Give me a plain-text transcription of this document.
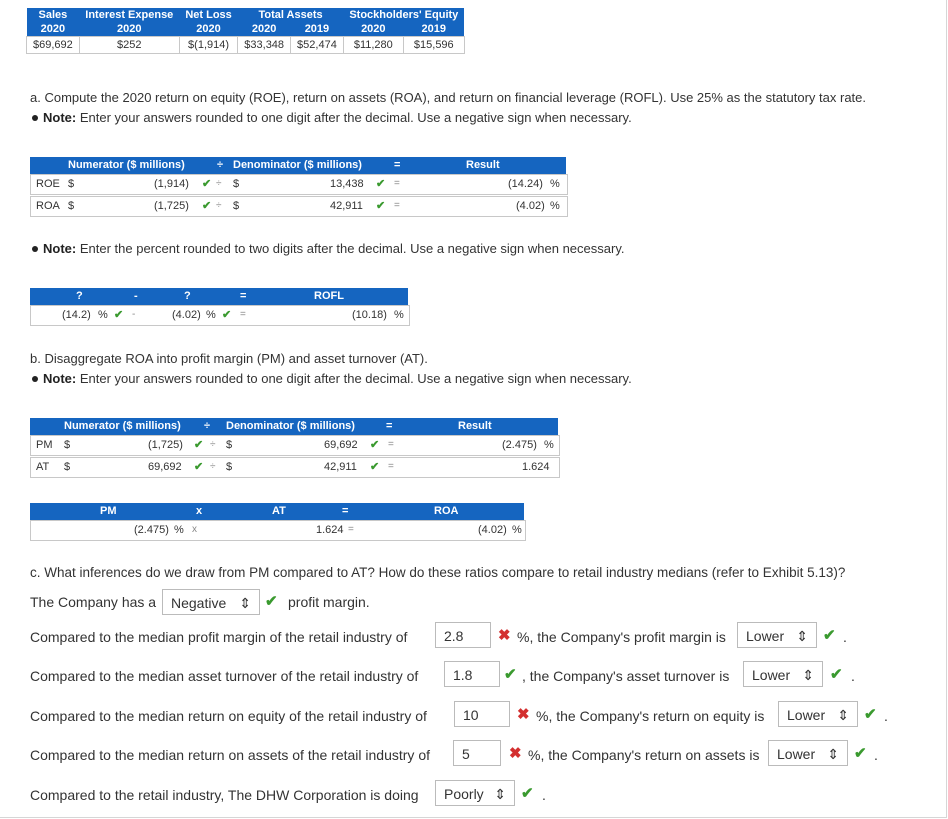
Sales	Interest Expense	Net Loss	Total Assets		Stockholders' Equity	
2020	2020	2020	2020	2019	2020	2019
$69,692	$252	$(1,914)	$33,348	$52,474	$11,280	$15,596
a. Compute the 2020 return on equity (ROE), return on assets (ROA), and return on financial leverage (ROFL). Use 25% as the statutory tax rate.
Note: Enter your answers rounded to one digit after the decimal. Use a negative sign when necessary.
Numerator ($ millions)	÷ Denominator ($ millions)	=	Result
ROE $	(1,914) ✔ ÷ $	13,438 ✔ =	(14.24) %
ROA $	(1,725) ✔ ÷ $	42,911 ✔ =	(4.02) %
Note: Enter the percent rounded to two digits after the decimal. Use a negative sign when necessary.
?	-	?	=	ROFL
(14.2) % ✔ -	(4.02) % ✔ =	(10.18) %
b. Disaggregate ROA into profit margin (PM) and asset turnover (AT).
Note: Enter your answers rounded to one digit after the decimal. Use a negative sign when necessary.
Numerator ($ millions) ÷ Denominator ($ millions)	=	Result
PM $	(1,725) ✔ ÷ $	69,692 ✔ =	(2.475) %
AT $	69,692 ✔ ÷ $	42,911 ✔ =	1.624
PM	x	AT	=	ROA
(2.475) % x	1.624 =	(4.02) %
c. What inferences do we draw from PM compared to AT? How do these ratios compare to retail industry medians (refer to Exhibit 5.13)?
The Company has a	Negative ⇕ ✔ profit margin.
Compared to the median profit margin of the retail industry of	2.8	✖ %, the Company's profit margin is	Lower ⇕ ✔ .
Compared to the median asset turnover of the retail industry of	1.8	✔ , the Company's asset turnover is	Lower ⇕ ✔ .
Compared to the median return on equity of the retail industry of	10	✖ %, the Company's return on equity is	Lower ⇕ ✔ .
Compared to the median return on assets of the retail industry of	5	✖ %, the Company's return on assets is	Lower ⇕ ✔ .
Compared to the retail industry, The DHW Corporation is doing	Poorly ⇕ ✔ .
